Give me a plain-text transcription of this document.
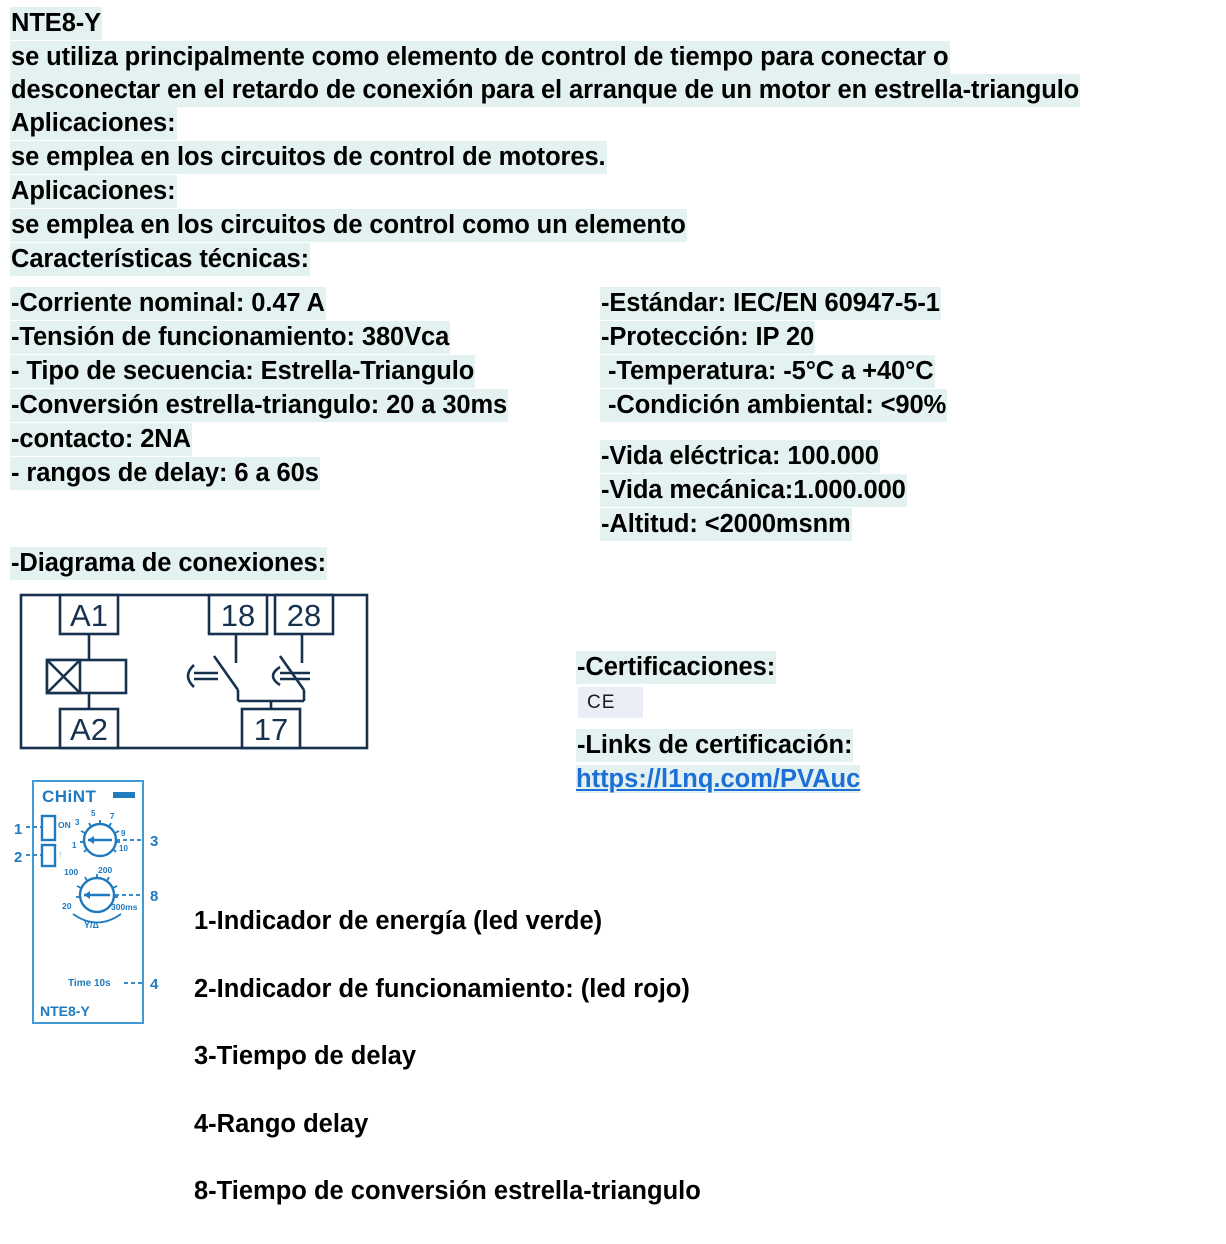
NTE8-Y
se utiliza principalmente como elemento de control de tiempo para conectar o
desconectar en el retardo de conexión para el arranque de un motor en estrella-triangulo
Aplicaciones:
se emplea en los circuitos de control de motores.
Aplicaciones:
se emplea en los circuitos de control como un elemento
Características técnicas:
-Corriente nominal: 0.47 A
-Tensión de funcionamiento: 380Vca
- Tipo de secuencia: Estrella-Triangulo
-Conversión estrella-triangulo: 20 a 30ms
-contacto: 2NA
- rangos de delay: 6 a 60s
-Estándar: IEC/EN 60947-5-1
-Protección: IP 20
-Temperatura: -5°C a +40°C
-Condición ambiental: <90%
-Vida eléctrica: 100.000
-Vida mecánica:1.000.000
-Altitud: <2000msnm
-Diagrama de conexiones:
A1
A2
18 28
17
-Certificaciones:
CE
-Links de certificación:
https://l1nq.com/PVAuc
CHiNT
1
2
ON
↑
3
5 7
9
10
1	3
100 200
20	300ms
Y/Δ
8
Time 10s	4
NTE8-Y

1-Indicador de energía (led verde)

2-Indicador de funcionamiento: (led rojo)

3-Tiempo de delay

4-Rango delay

8-Tiempo de conversión estrella-triangulo
